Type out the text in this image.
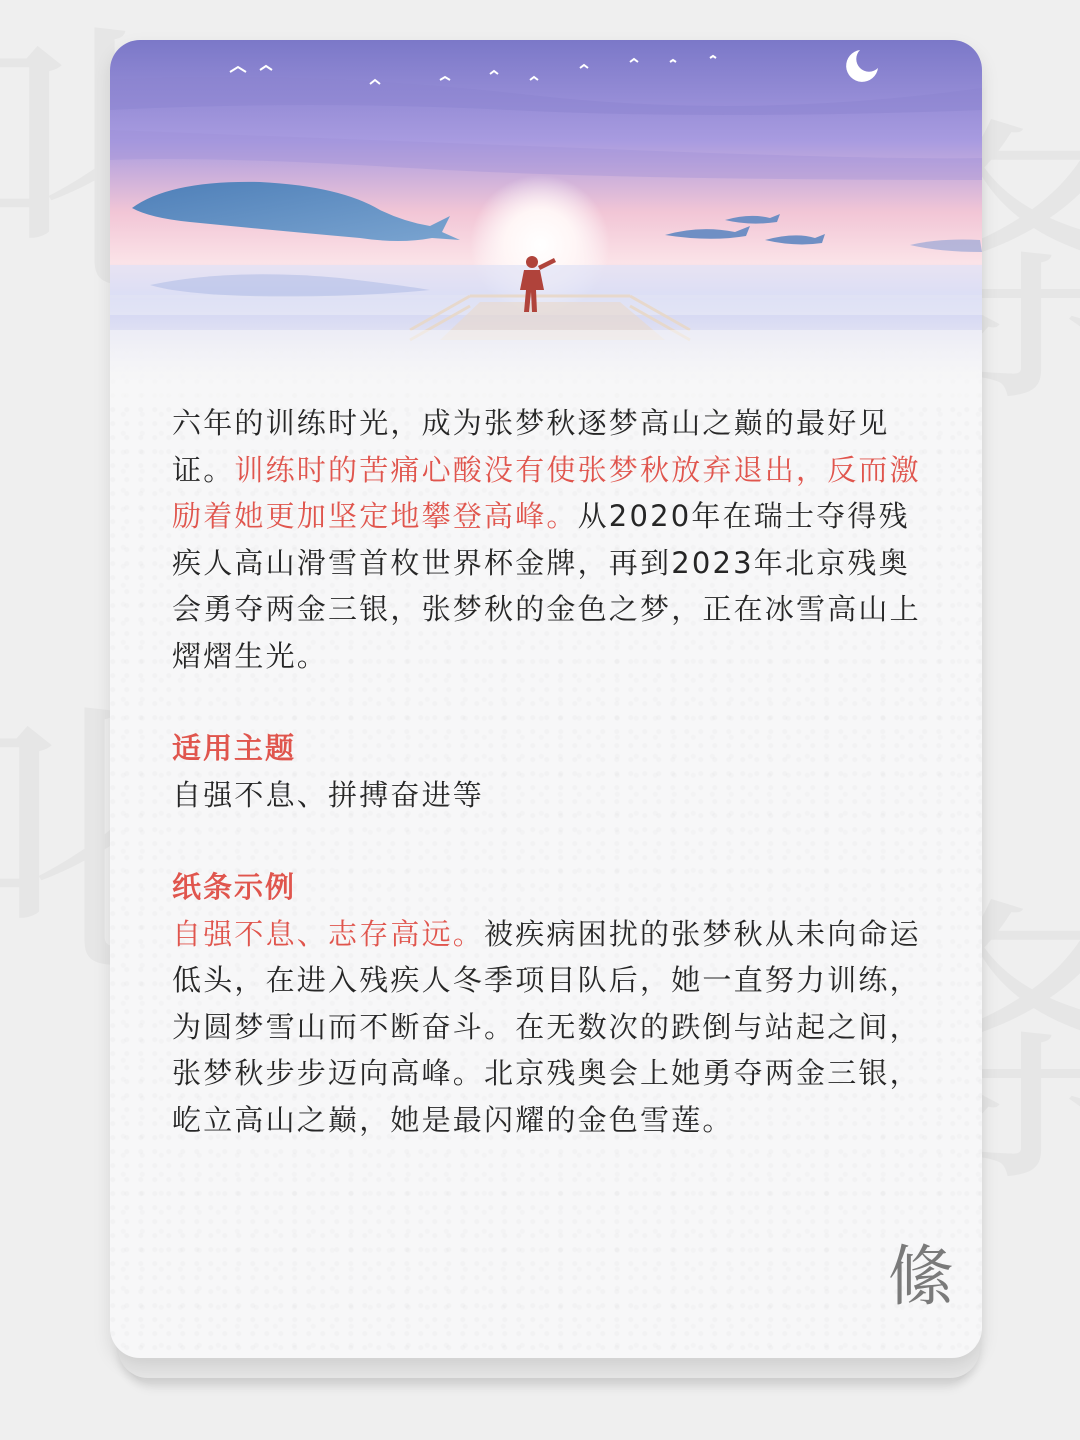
六年的训练时光，成为张梦秋逐梦高山之巅的最好见证。训练时的苦痛心酸没有使张梦秋放弃退出，反而激励着她更加坚定地攀登高峰。从2020年在瑞士夺得残疾人高山滑雪首枚世界杯金牌，再到2023年北京残奥会勇夺两金三银，张梦秋的金色之梦，正在冰雪高山上熠熠生光。

适用主题

自强不息、拼搏奋进等

纸条示例

自强不息、志存高远。被疾病困扰的张梦秋从未向命运低头，在进入残疾人冬季项目队后，她一直努力训练，为圆梦雪山而不断奋斗。在无数次的跌倒与站起之间，张梦秋步步迈向高峰。北京残奥会上她勇夺两金三银，屹立高山之巅，她是最闪耀的金色雪莲。

絛
